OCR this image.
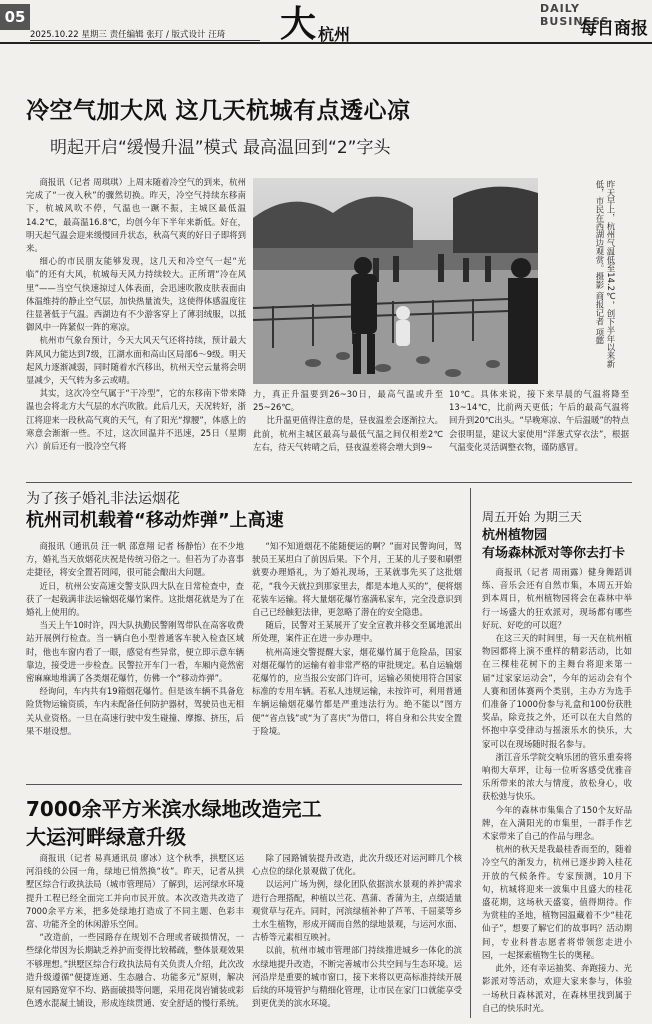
05
2025.10.22 星期三 责任编辑 张玎 / 版式设计 汪琦	大 杭州
DAILY BUSINESS
每日商报
冷空气加大风 这几天杭城有点透心凉
明起开启“缓慢升温”模式 最高温回到“2”字头

商报讯（记者 周琪琪）上周末随着冷空气的到来，杭州完成了“一夜入秋”的骤然切换。昨天，冷空气持续东移南下，杭城风吹不停，气温也一蹶不振，主城区最低温14.2℃，最高温16.8℃，均创今年下半年来新低。好在，明天起气温会迎来缓慢回升状态，秋高气爽的好日子即将到来。

细心的市民朋友能够发现，这几天和冷空气一起“光临”的还有大风，杭城每天风力持续较大。正所谓“冷在风里”——当空气快速掠过人体表面，会迅速吹散皮肤表面由体温维持的静止空气层，加快热量流失，这使得体感温度往往显著低于气温。西湖边有不少游客穿上了薄羽绒服，以抵御风中一阵紧似一阵的寒凉。

杭州市气象台预计，今天大风天气还将持续，预计最大阵风风力能达到7级，江湖水面和高山区局部6～9级。明天起风力逐渐减弱，同时随着水汽移出，杭州天空云量将会明显减少，天气转为多云或晴。

其实，这次冷空气属于“干冷型”，它的东移南下带来降温也会将北方大气层的水汽吹散。此后几天，天况转好，浙江将迎来一段秋高气爽的天气，有了阳光“撑腰”，体感上的寒意会渐渐一些。不过，这次回温并不迅速，25日（星期六）前后还有一股冷空气将

昨天早上，杭州气温低至14.2℃，创下半年以来新低，市民在西湖边观赏。摄影 商报记者 项懿

力，真正升温要到26~30日，最高气温或升至25~26℃。

比升温更值得注意的是，昼夜温差会逐渐拉大。此前，杭州主城区最高与最低气温之间仅相差2℃左右，待天气转晴之后，昼夜温差将会增大到9~

10℃。具体来说，接下来早晨的气温将降至13~14℃，比前两天更低；午后的最高气温将回升到20℃出头。“早晚寒凉、午后温暖”的特点会很明显，建议大家使用“洋葱式穿衣法”，根据气温变化灵活调整衣物，谨防感冒。

为了孩子婚礼非法运烟花
杭州司机载着“移动炸弹”上高速

商报讯（通讯员 汪一帆 邵意翔 记者 杨静怡）在不少地方，婚礼当天放烟花庆祝是传统习俗之一。但若为了办喜事走捷径，将安全置若罔闻，很可能会酿出大问题。

近日，杭州公安高速交警支队四大队在日常检查中，查获了一起载满非法运输烟花爆竹案件。这批烟花就是为了在婚礼上使用的。

当天上午10时许，四大队执勤民警刚驾带队在高客收费站开展例行检查。当一辆白色小型普通客车驶入检查区域时，他也车窗内看了一眼，感觉有些异常，便立即示意车辆靠边，接受进一步检查。民警拉开车门一看，车厢内竟然密密麻麻地堆满了各类烟花爆竹，仿佛一个“移动炸弹”。

经询问，车内共有19箱烟花爆竹。但是该车辆不具备危险货物运输资质，车内未配备任何防护器材，驾驶员也无相关从业资格。一旦在高速行驶中发生碰撞、摩擦、挤压，后果不堪设想。

“知不知道烟花不能随便运的啊？”面对民警询问，驾驶员王某坦白了前因后果。下个月，王某的儿子要和刷塑就要办理婚礼，为了婚礼现场，王某就事先买了这批烟花，“我今天就拉到那家里去，都是本地人买的”，便将烟花装车运输。将大量烟花爆竹塞满私家车，完全没意识到自己已经触犯法律，更忽略了潜在的安全隐患。

随后，民警对王某展开了安全宣教并移交至属地派出所处理，案件正在进一步办理中。

杭州高速交警提醒大家，烟花爆竹属于危险品，国家对烟花爆竹的运输有着非常严格的审批规定。私自运输烟花爆竹的，应当报公安部门许可，运输必须使用符合国家标准的专用车辆。若私人违规运输，未按许可，利用普通车辆运输烟花爆竹都是严重违法行为。绝不能以“图方便”“省点钱”或“为了喜庆”为借口，将自身和公共安全置于险境。

周五开始 为期三天
杭州植物园
有场森林派对等你去打卡

商报讯（记者 周雨露）健身舞蹈训练、音乐会还有自然市集，本周五开始到本周日，杭州植物园将会在森林中举行一场盛大的狂欢派对，现场都有哪些好玩、好吃的可以逛？

在这三天的时间里，每一天在杭州植物园都将上演不重样的精彩活动，比如在三棵桂花树下的主舞台将迎来第一届“过家家运动会”，今年的运动会有个人赛和团体赛两个类别，主办方为选手们准备了1000份参与礼盒和100份获胜奖品，除竞技之外，还可以在大自然的怀抱中享受律动与摇滚乐水的快乐，大家可以在现场随时报名参与。

浙江音乐学院交响乐团的管乐重奏将响彻大草坪，让每一位听客感受优雅音乐所带来的浓大与情度，放松身心，收获松弛与快乐。

今年的森林市集集合了150个友好品牌，在入满阳光的市集里，一群手作艺术家带来了自己的作品与理念。

杭州的秋天是我最桂香而至的，随着冷空气的渐发力，杭州已逐步跨入桂花开放的气候条件。专家预测，10月下旬，杭城将迎来一波集中且盛大的桂花盛花期，这场秋天盛宴，值得期待。作为赏桂的圣地，植物园温藏着不少“桂花仙子”，想要了解它们的故事吗？活动期间，专业科普志愿者将带领您走进小园，一起探索植物生长的奥秘。

此外，还有幸运抽奖、奔跑接力、光影派对等活动，欢迎大家来参与，体验一场秋日森林派对，在森林里找到属于自己的快乐时光。

7000余平方米滨水绿地改造完工
大运河畔绿意升级

商报讯（记者 易真通讯员 廖冰）这个秋季，拱墅区运河沿线的公园一角，绿地已悄然换“妆”。昨天，记者从拱墅区综合行政执法局（城市管理局）了解到，运河绿水环境提升工程已经全面完工并向市民开放。本次改造共改造了7000余平方米，把多处绿地打造成了不同主题、色彩丰富、功能齐全的休闲游乐空间。

“改造前，一些园路存在规划不合理或者破损情况，一些绿化带因为长期缺乏养护而变得比较稀疏，整体景观效果不够理想。”拱墅区综合行政执法局有关负责人介绍，此次改造升级遵循“便捷连通、生态融合、功能多元”原则，解决原有园路宽窄不均、路面破损等问题，采用花岗岩铺装或彩色透水混凝土铺设，形成连续贯通、安全舒适的慢行系统。

除了园路铺装提升改造，此次升级还对运河畔几个核心点位的绿化景观做了优化。

以运河广场为例，绿化团队依据滨水景观的养护需求进行合理搭配，种植以兰花、菖蒲、香蒲为主，点缀适量观赏草与花卉。同时，河滨绿植补种了芦苇、千屈菜等乡土水生植物，形成开阔而自然的绿地景观，与运河水面、古桥等元素相互映衬。

以前，杭州市城市管理部门持续推进城乡一体化的滨水绿地提升改造，不断完善城市公共空间与生态环境。运河沿岸是重要的城市窗口，接下来将以更高标准持续开展后续的环境管护与精细化管理，让市民在家门口就能享受到更优美的滨水环境。
